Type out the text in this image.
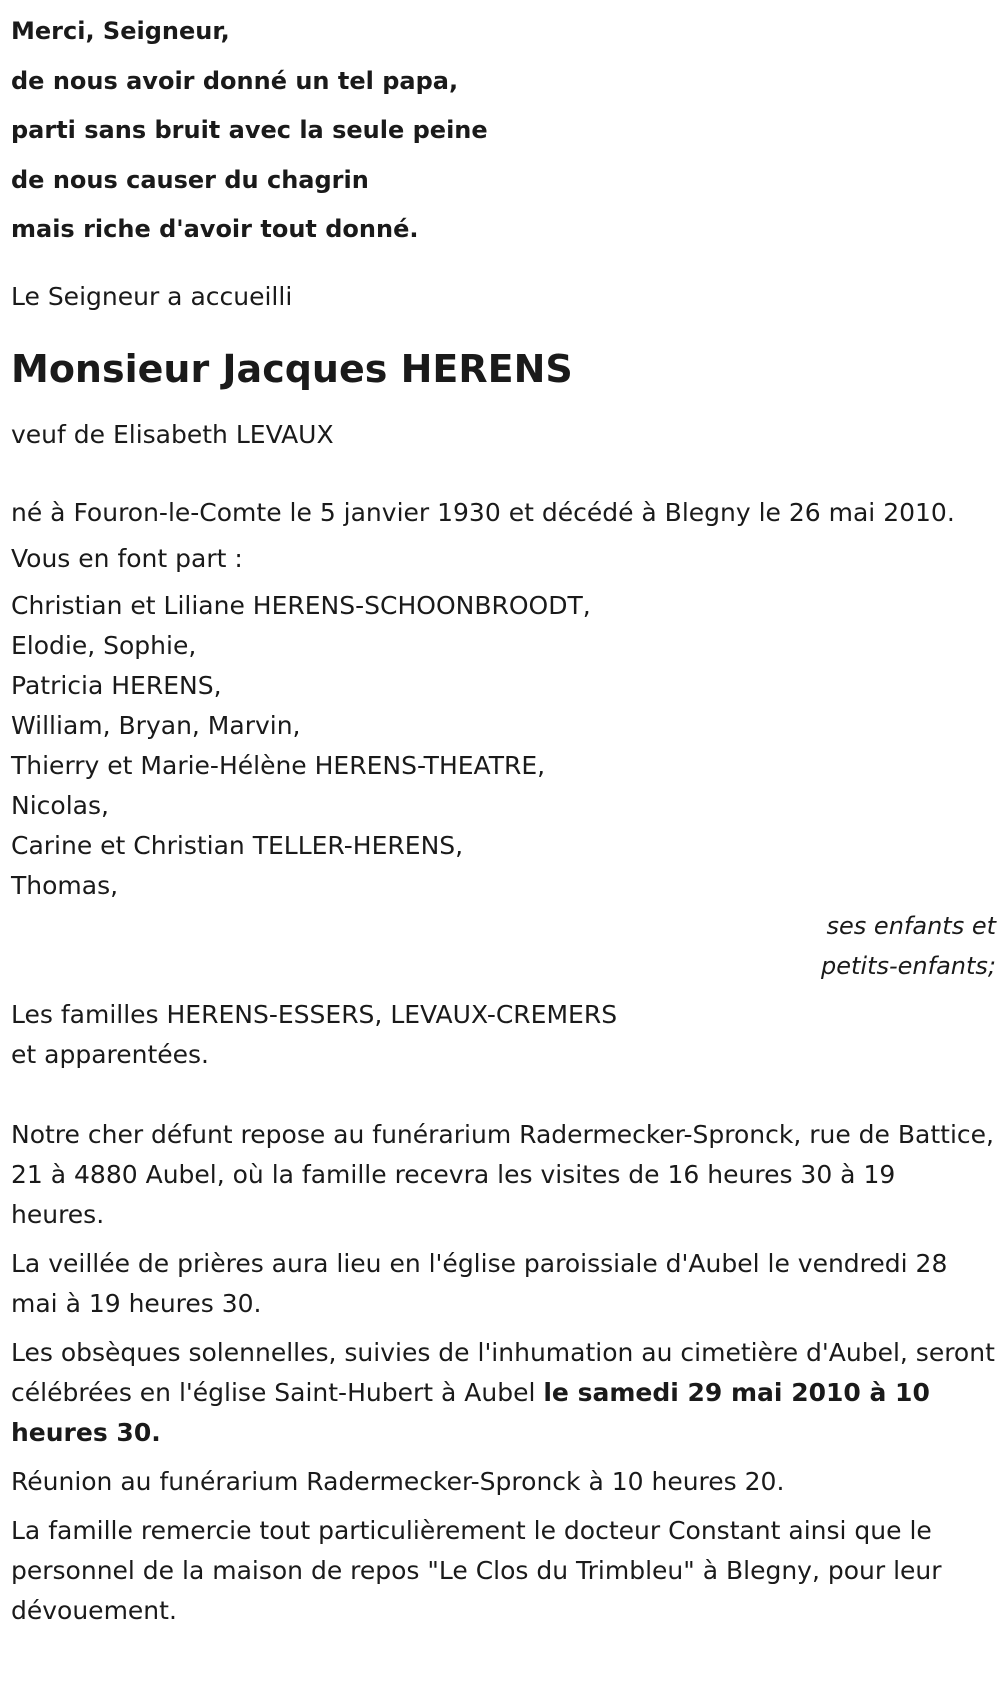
Merci, Seigneur,
de nous avoir donné un tel papa,
parti sans bruit avec la seule peine
de nous causer du chagrin
mais riche d'avoir tout donné.
Le Seigneur a accueilli
Monsieur Jacques HERENS
veuf de Elisabeth LEVAUX
né à Fouron-le-Comte le 5 janvier 1930 et décédé à Blegny le 26 mai 2010.
Vous en font part :
Christian et Liliane HERENS-SCHOONBROODT,
Elodie, Sophie,
Patricia HERENS,
William, Bryan, Marvin,
Thierry et Marie-Hélène HERENS-THEATRE,
Nicolas,
Carine et Christian TELLER-HERENS,
Thomas,
ses enfants et
petits-enfants;
Les familles HERENS-ESSERS, LEVAUX-CREMERS
et apparentées.
Notre cher défunt repose au funérarium Radermecker-Spronck, rue de Battice, 21 à 4880 Aubel, où la famille recevra les visites de 16 heures 30 à 19 heures.
La veillée de prières aura lieu en l'église paroissiale d'Aubel le vendredi 28 mai à 19 heures 30.
Les obsèques solennelles, suivies de l'inhumation au cimetière d'Aubel, seront célébrées en l'église Saint-Hubert à Aubel le samedi 29 mai 2010 à 10 heures 30.
Réunion au funérarium Radermecker-Spronck à 10 heures 20.
La famille remercie tout particulièrement le docteur Constant ainsi que le personnel de la maison de repos "Le Clos du Trimbleu" à Blegny, pour leur dévouement.
